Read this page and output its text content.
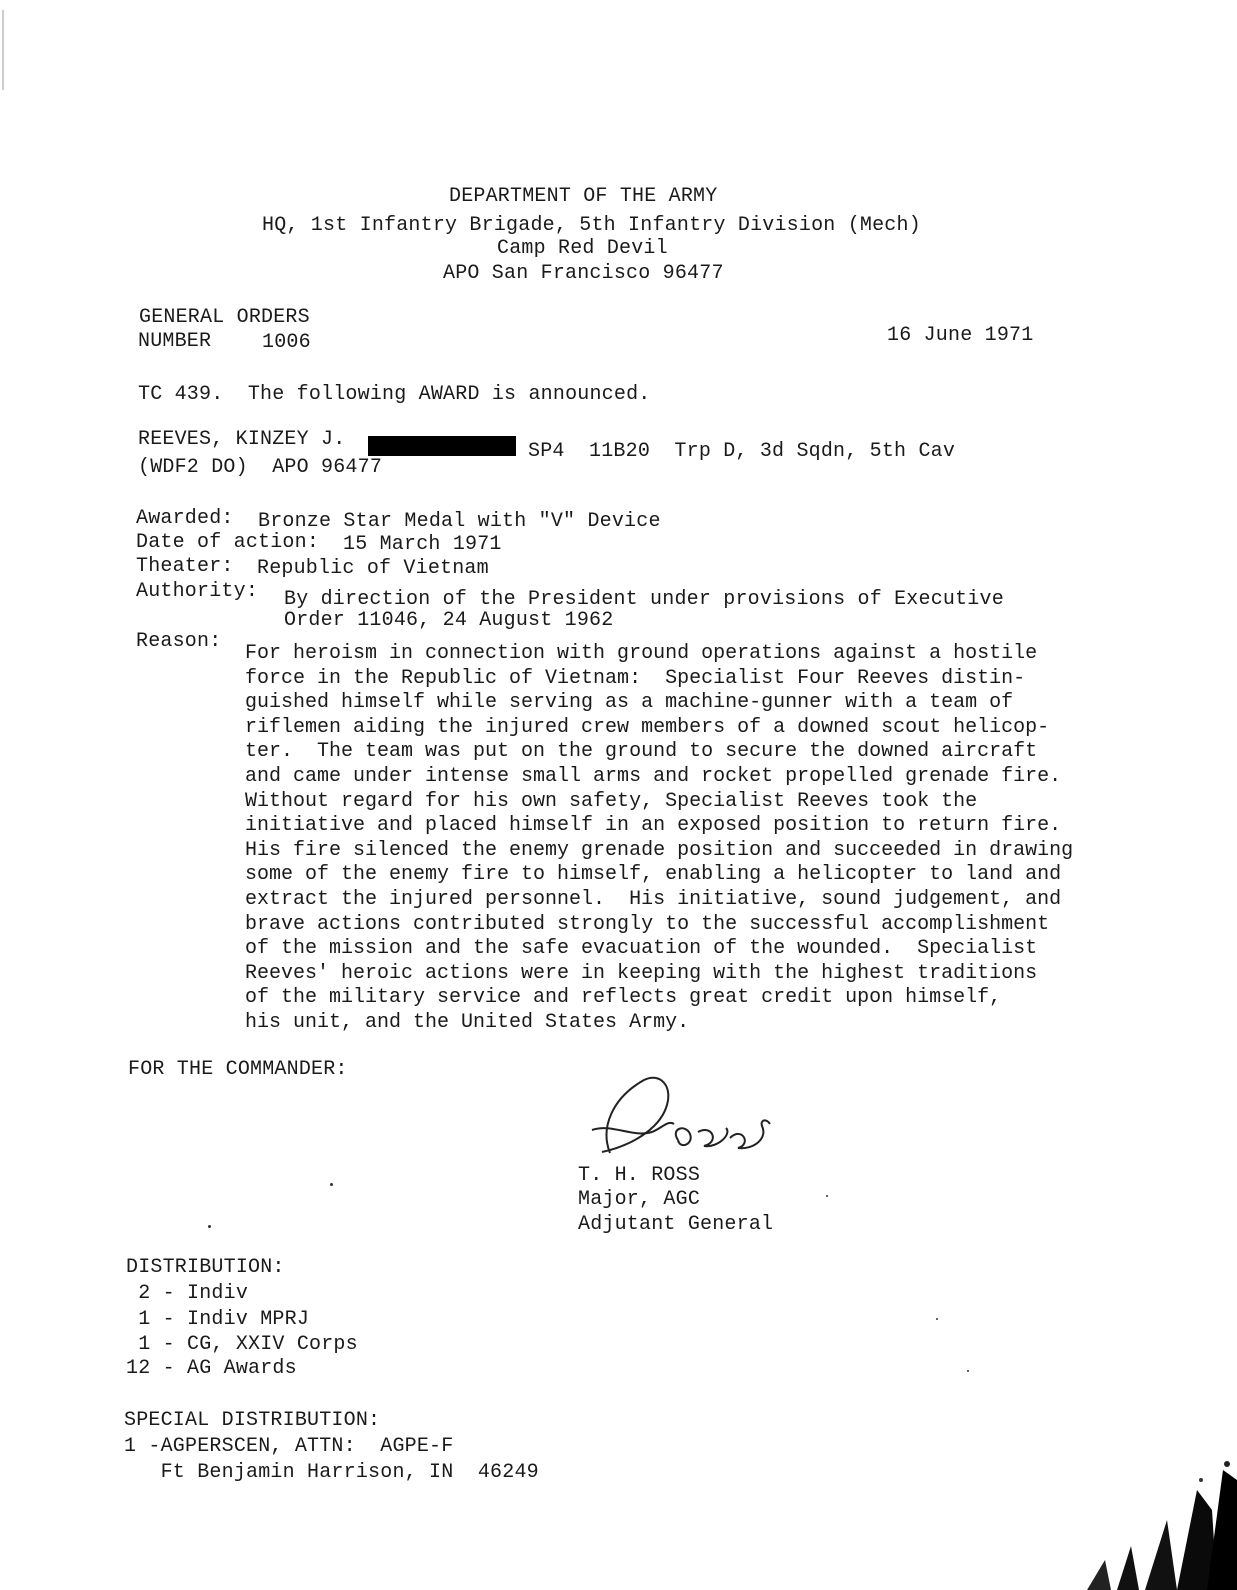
DEPARTMENT OF THE ARMY
HQ, 1st Infantry Brigade, 5th Infantry Division (Mech)
Camp Red Devil
APO San Francisco 96477
GENERAL ORDERS
NUMBER	1006	16 June 1971
TC 439.  The following AWARD is announced.
REEVES, KINZEY J.
SP4  11B20  Trp D, 3d Sqdn, 5th Cav
(WDF2 DO)  APO 96477
Awarded: Bronze Star Medal with "V" Device
Date of action: 15 March 1971
Theater: Republic of Vietnam
Authority: By direction of the President under provisions of Executive
Order 11046, 24 August 1962
Reason:
For heroism in connection with ground operations against a hostile
force in the Republic of Vietnam:  Specialist Four Reeves distin-
guished himself while serving as a machine-gunner with a team of
riflemen aiding the injured crew members of a downed scout helicop-
ter.  The team was put on the ground to secure the downed aircraft
and came under intense small arms and rocket propelled grenade fire.
Without regard for his own safety, Specialist Reeves took the
initiative and placed himself in an exposed position to return fire.
His fire silenced the enemy grenade position and succeeded in drawing
some of the enemy fire to himself, enabling a helicopter to land and
extract the injured personnel.  His initiative, sound judgement, and
brave actions contributed strongly to the successful accomplishment
of the mission and the safe evacuation of the wounded.  Specialist
Reeves' heroic actions were in keeping with the highest traditions
of the military service and reflects great credit upon himself,
his unit, and the United States Army.
FOR THE COMMANDER:
T. H. ROSS
Major, AGC
Adjutant General
DISTRIBUTION:
2 - Indiv
1 - Indiv MPRJ
1 - CG, XXIV Corps
12 - AG Awards
SPECIAL DISTRIBUTION:
1 -AGPERSCEN, ATTN:  AGPE-F
Ft Benjamin Harrison, IN  46249
